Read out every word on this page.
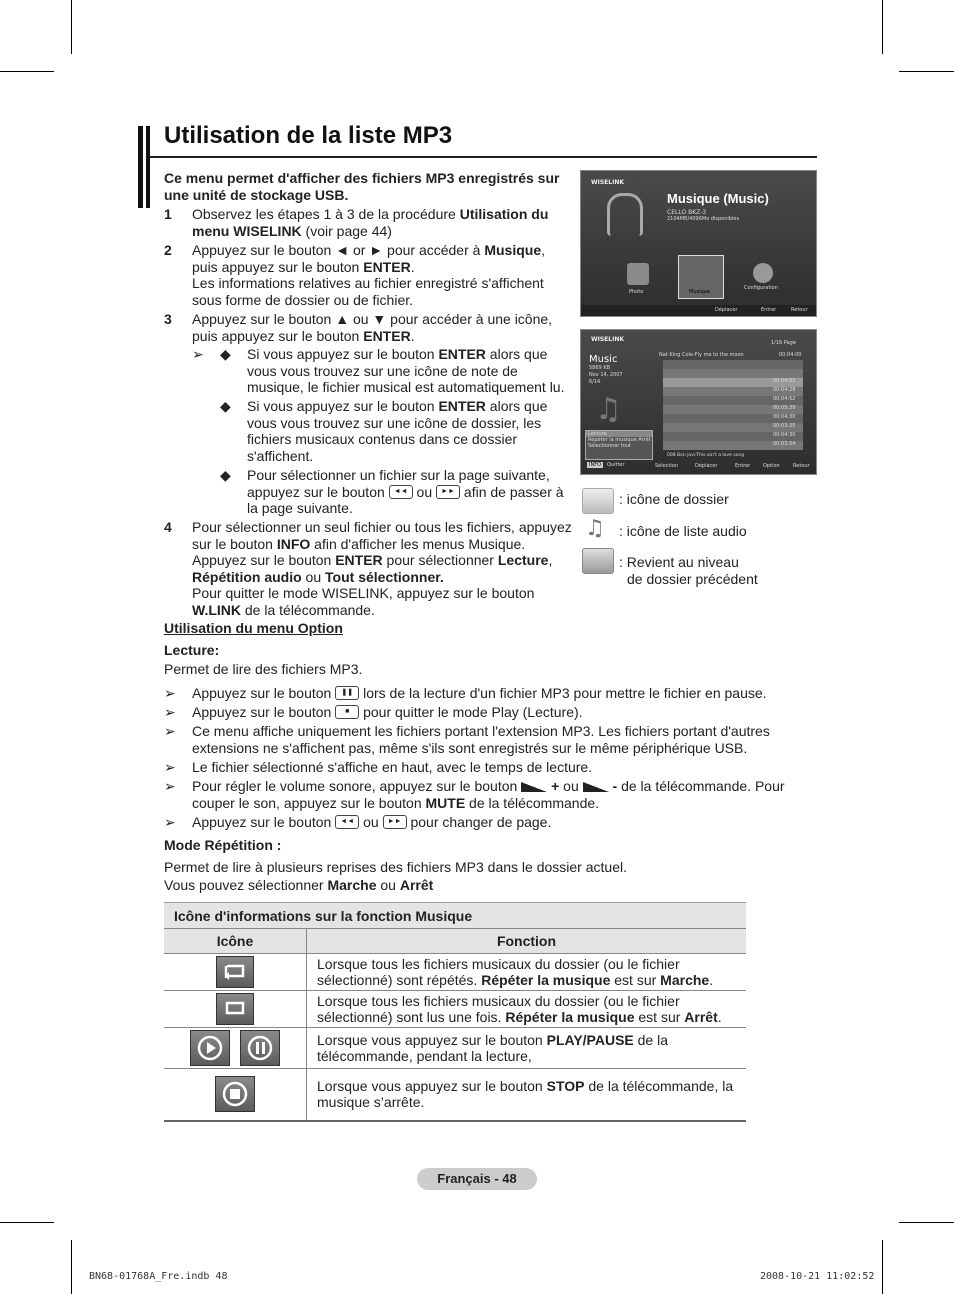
Utilisation de la liste MP3
Ce menu permet d'afficher des fichiers MP3 enregistrés sur une unité de stockage USB.
1 Observez les étapes 1 à 3 de la procédure Utilisation du menu WISELINK (voir page 44)
2 Appuyez sur le bouton ◄ or ► pour accéder à Musique,
puis appuyez sur le bouton ENTER.
Les informations relatives au fichier enregistré s'affichent sous forme de dossier ou de fichier.
3 Appuyez sur le bouton ▲ ou ▼ pour accéder à une icône, puis appuyez sur le bouton ENTER.
➢ ◆ Si vous appuyez sur le bouton ENTER alors que vous vous trouvez sur une icône de note de musique, le fichier musical est automatiquement lu.
◆ Si vous appuyez sur le bouton ENTER alors que vous vous trouvez sur une icône de dossier, les fichiers musicaux contenus dans ce dossier s'affichent.
◆ Pour sélectionner un fichier sur la page suivante, appuyez sur le bouton ◄◄ ou ►► afin de passer à la page suivante.
4 Pour sélectionner un seul fichier ou tous les fichiers, appuyez sur le bouton INFO afin d'afficher les menus Musique.
Appuyez sur le bouton ENTER pour sélectionner Lecture,
Répétition audio ou Tout sélectionner.
Pour quitter le mode WISELINK, appuyez sur le bouton W.LINK de la télécommande.
WISELINK
Musique (Music)
CELLO BKZ-3
2104MB/4096Mo disponibles
Photo	Musique
Configuration
Déplacer	Entrer	Retour
WISELINK	1/16 Page
Music
5869 KB
Nov 14, 2007
6/14
♫
Nat King Cole-Fly me to the moon	00:04:00
00:04:01
00:04:28
00:04:52
00:05:39
00:04:30
00:03:25
00:04:30
008 Bon jovi-This ain't a love song
00:03:54
Lecture
Répéter la musique Arrêt
Sélectionner tout
INFO	Quitter	Sélection	Déplacer	Entrer	Option	Retour
: icône de dossier
♫ : icône de liste audio
: Revient au niveau
de dossier précédent
Utilisation du menu Option
Lecture:
Permet de lire des fichiers MP3.
➢ Appuyez sur le bouton ❚❚ lors de la lecture d'un fichier MP3 pour mettre le fichier en pause.
➢ Appuyez sur le bouton ■ pour quitter le mode Play (Lecture).
➢ Ce menu affiche uniquement les fichiers portant l'extension MP3. Les fichiers portant d'autres extensions ne s'affichent pas, même s'ils sont enregistrés sur le même périphérique USB.
➢ Le fichier sélectionné s'affiche en haut, avec le temps de lecture.
➢ Pour régler le volume sonore, appuyez sur le bouton + ou - de la télécommande. Pour couper le son, appuyez sur le bouton MUTE de la télécommande.
➢ Appuyez sur le bouton ◄◄ ou ►► pour changer de page.
Mode Répétition :
Permet de lire à plusieurs reprises des fichiers MP3 dans le dossier actuel.
Vous pouvez sélectionner Marche ou Arrêt
Icône d'informations sur la fonction Musique	
Icône	Fonction
	Lorsque tous les fichiers musicaux du dossier (ou le fichier sélectionné) sont répétés. Répéter la musique est sur Marche.
	Lorsque tous les fichiers musicaux du dossier (ou le fichier sélectionné) sont lus une fois. Répéter la musique est sur Arrêt.
	Lorsque vous appuyez sur le bouton PLAY/PAUSE de la télécommande, pendant la lecture,
	Lorsque vous appuyez sur le bouton STOP de la télécommande, la musique s’arrête.
Français - 48
BN68-01768A_Fre.indb 48	2008-10-21 11:02:52
